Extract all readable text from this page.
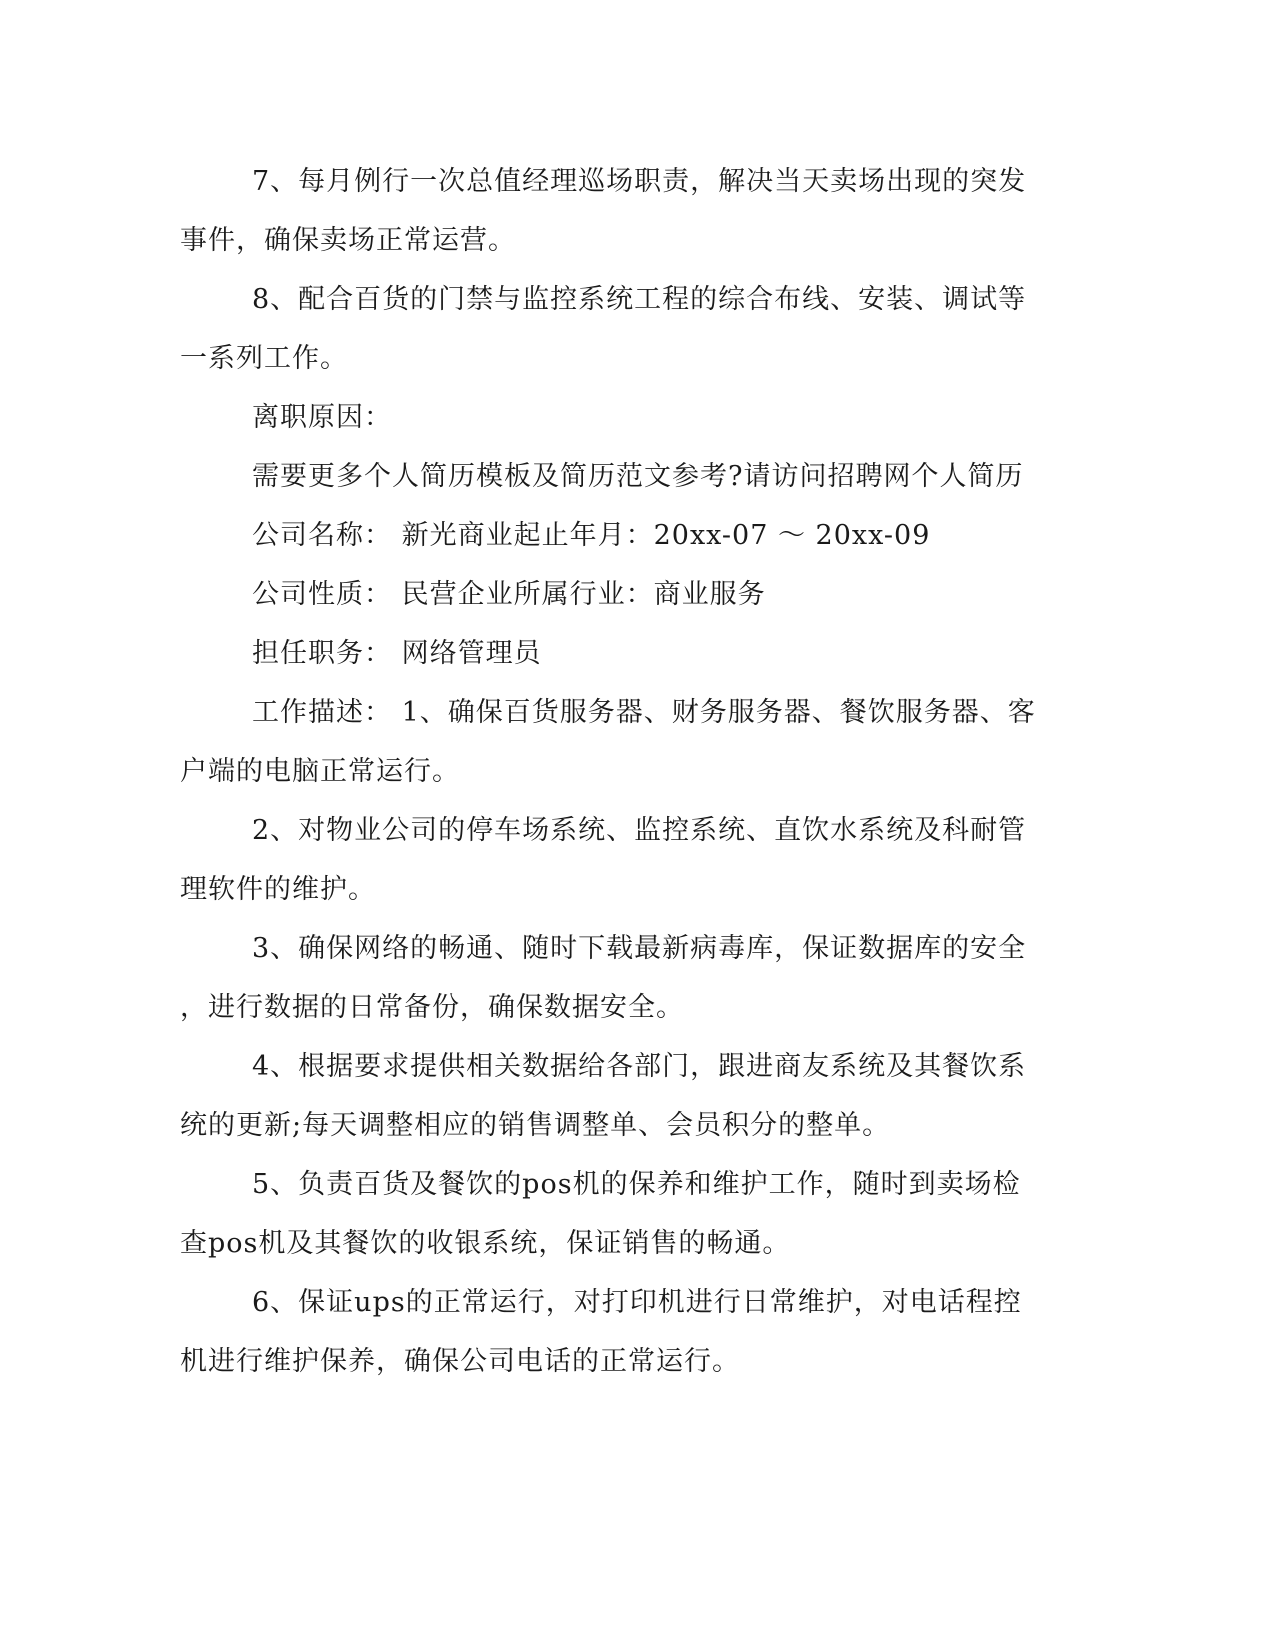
7、每月例行一次总值经理巡场职责，解决当天卖场出现的突发
事件，确保卖场正常运营。

8、配合百货的门禁与监控系统工程的综合布线、安装、调试等
一系列工作。

离职原因：

需要更多个人简历模板及简历范文参考?请访问招聘网个人简历

公司名称： 新光商业起止年月：20xx-07 ～ 20xx-09

公司性质： 民营企业所属行业：商业服务

担任职务： 网络管理员

工作描述： 1、确保百货服务器、财务服务器、餐饮服务器、客
户端的电脑正常运行。

2、对物业公司的停车场系统、监控系统、直饮水系统及科耐管
理软件的维护。

3、确保网络的畅通、随时下载最新病毒库，保证数据库的安全
，进行数据的日常备份，确保数据安全。

4、根据要求提供相关数据给各部门，跟进商友系统及其餐饮系
统的更新;每天调整相应的销售调整单、会员积分的整单。

5、负责百货及餐饮的pos机的保养和维护工作，随时到卖场检
查pos机及其餐饮的收银系统，保证销售的畅通。

6、保证ups的正常运行，对打印机进行日常维护，对电话程控
机进行维护保养，确保公司电话的正常运行。
